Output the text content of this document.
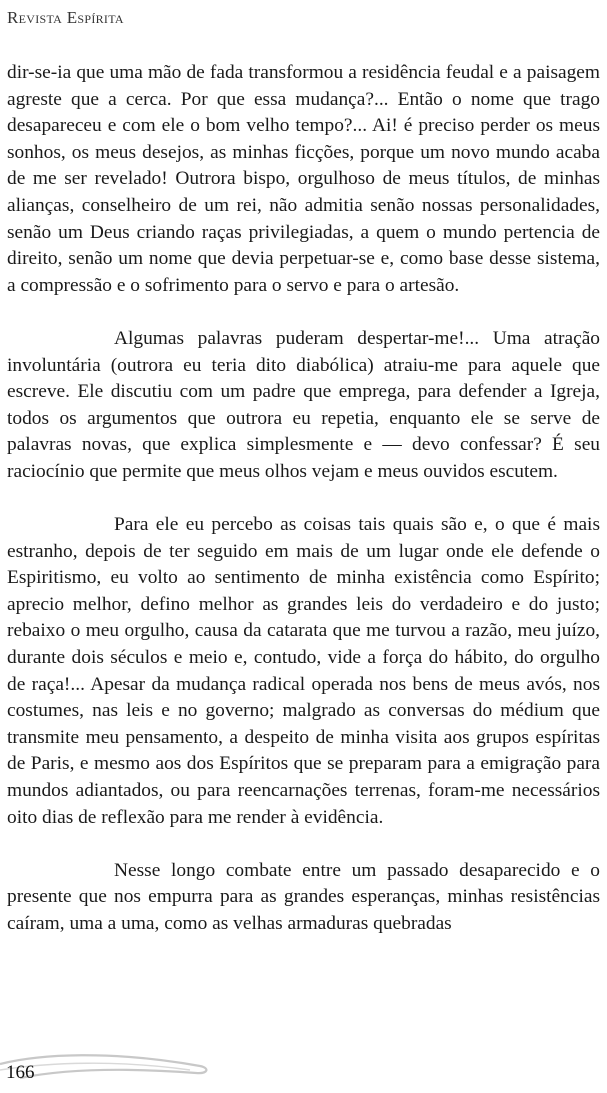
Revista Espírita

dir-se-ia que uma mão de fada transformou a residência feudal e a paisagem agreste que a cerca. Por que essa mudança?... Então o nome que trago desapareceu e com ele o bom velho tempo?... Ai! é preciso perder os meus sonhos, os meus desejos, as minhas ficções, porque um novo mundo acaba de me ser revelado! Outrora bispo, orgulhoso de meus títulos, de minhas alianças, conselheiro de um rei, não admitia senão nossas personalidades, senão um Deus criando raças privilegiadas, a quem o mundo pertencia de direito, senão um nome que devia perpetuar-se e, como base desse sistema, a compressão e o sofrimento para o servo e para o artesão.

Algumas palavras puderam despertar-me!... Uma atração involuntária (outrora eu teria dito diabólica) atraiu-me para aquele que escreve. Ele discutiu com um padre que emprega, para defender a Igreja, todos os argumentos que outrora eu repetia, enquanto ele se serve de palavras novas, que explica simplesmente e — devo confessar? É seu raciocínio que permite que meus olhos vejam e meus ouvidos escutem.

Para ele eu percebo as coisas tais quais são e, o que é mais estranho, depois de ter seguido em mais de um lugar onde ele defende o Espiritismo, eu volto ao sentimento de minha existência como Espírito; aprecio melhor, defino melhor as grandes leis do verdadeiro e do justo; rebaixo o meu orgulho, causa da catarata que me turvou a razão, meu juízo, durante dois séculos e meio e, contudo, vide a força do hábito, do orgulho de raça!... Apesar da mudança radical operada nos bens de meus avós, nos costumes, nas leis e no governo; malgrado as conversas do médium que transmite meu pensamento, a despeito de minha visita aos grupos espíritas de Paris, e mesmo aos dos Espíritos que se preparam para a emigração para mundos adiantados, ou para reencarnações terrenas, foram-me necessários oito dias de reflexão para me render à evidência.

Nesse longo combate entre um passado desaparecido e o presente que nos empurra para as grandes esperanças, minhas resistências caíram, uma a uma, como as velhas armaduras quebradas

166
